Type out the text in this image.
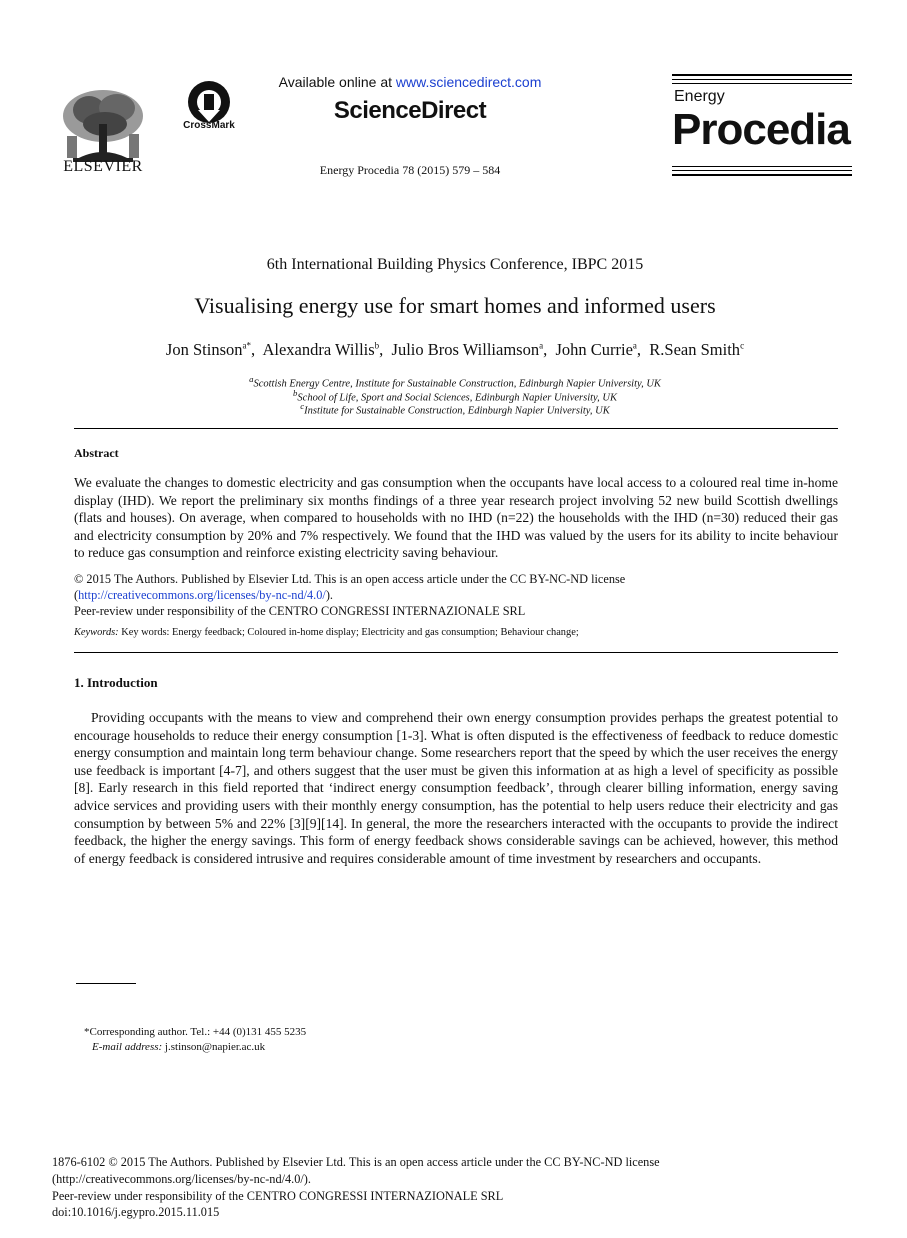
ELSEVIER
CrossMark
Available online at www.sciencedirect.com
ScienceDirect
Energy Procedia 78 (2015) 579 – 584
Energy
Procedia
6th International Building Physics Conference, IBPC 2015
Visualising energy use for smart homes and informed users
Jon Stinson$^{a*}$,  Alexandra Willis$^b$,  Julio Bros Williamson$^a$,  John Currie$^a$,  R.Sean Smith$^c$
$^a$Scottish Energy Centre, Institute for Sustainable Construction, Edinburgh Napier University, UK
$^b$School of Life, Sport and Social Sciences, Edinburgh Napier University, UK
$^c$Institute for Sustainable Construction, Edinburgh Napier University, UK
Abstract
We evaluate the changes to domestic electricity and gas consumption when the occupants have local access to a coloured real time in-home display (IHD). We report the preliminary six months findings of a three year research project involving 52 new build Scottish dwellings (flats and houses). On average, when compared to households with no IHD (n=22) the households with the IHD (n=30) reduced their gas and electricity consumption by 20% and 7% respectively. We found that the IHD was valued by the users for its ability to incite behaviour to reduce gas consumption and reinforce existing electricity saving behaviour.
© 2015 The Authors. Published by Elsevier Ltd. This is an open access article under the CC BY-NC-ND license
(http://creativecommons.org/licenses/by-nc-nd/4.0/).
Peer-review under responsibility of the CENTRO CONGRESSI INTERNAZIONALE SRL
Keywords: Key words: Energy feedback; Coloured in-home display; Electricity and gas consumption; Behaviour change;
1. Introduction
Providing occupants with the means to view and comprehend their own energy consumption provides perhaps the greatest potential to encourage households to reduce their energy consumption [1-3]. What is often disputed is the effectiveness of feedback to reduce domestic energy consumption and maintain long term behaviour change. Some researchers report that the speed by which the user receives the energy use feedback is important [4-7], and others suggest that the user must be given this information at as high a level of specificity as possible [8]. Early research in this field reported that ‘indirect energy consumption feedback’, through clearer billing information, energy saving advice services and providing users with their monthly energy consumption, has the potential to help users reduce their electricity and gas consumption by between 5% and 22% [3][9][14]. In general, the more the researchers interacted with the occupants to provide the indirect feedback, the higher the energy savings. This form of energy feedback shows considerable savings can be achieved, however, this method of energy feedback is considered intrusive and requires considerable amount of time investment by researchers and occupants.
*Corresponding author. Tel.: +44 (0)131 455 5235
E-mail address: j.stinson@napier.ac.uk
1876-6102 © 2015 The Authors. Published by Elsevier Ltd. This is an open access article under the CC BY-NC-ND license
(http://creativecommons.org/licenses/by-nc-nd/4.0/).
Peer-review under responsibility of the CENTRO CONGRESSI INTERNAZIONALE SRL
doi:10.1016/j.egypro.2015.11.015
